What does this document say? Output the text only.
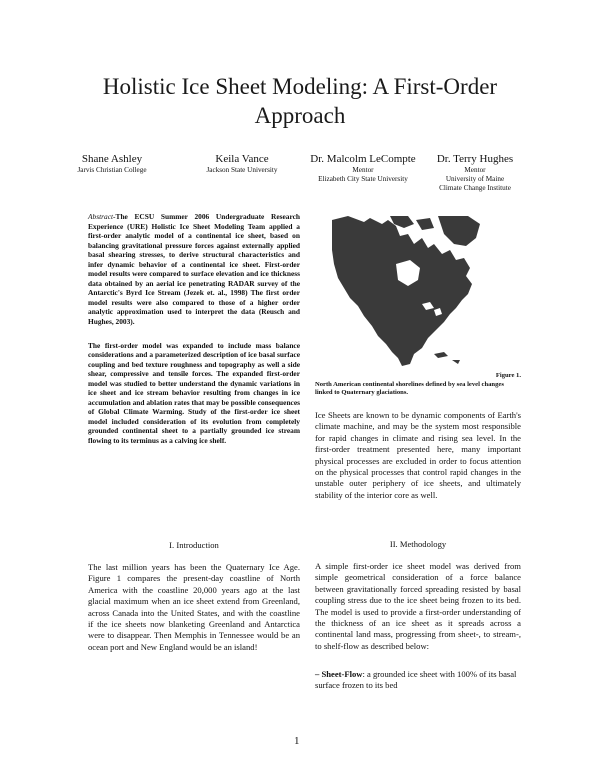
Holistic Ice Sheet Modeling: A First-Order
Approach
Shane Ashley
Jarvis Christian College
Keila Vance
Jackson State University
Dr. Malcolm LeCompte
Mentor
Elizabeth City State University
Dr. Terry Hughes
Mentor
University of Maine
Climate Change Institute

Abstract-The ECSU Summer 2006 Undergraduate Research Experience (URE) Holistic Ice Sheet Modeling Team applied a first-order analytic model of a continental ice sheet, based on balancing gravitational pressure forces against externally applied basal shearing stresses, to derive structural characteristics and infer dynamic behavior of a continental ice sheet. First-order model results were compared to surface elevation and ice thickness data obtained by an aerial ice penetrating RADAR survey of the Antarctic's Byrd Ice Stream (Jezek et. al., 1998) The first order model results were also compared to those of a higher order analytic approximation used to interpret the data (Reusch and Hughes, 2003).

The first-order model was expanded to include mass balance considerations and a parameterized description of ice basal surface coupling and bed texture roughness and topography as well a side shear, compressive and tensile forces. The expanded first-order model was studied to better understand the dynamic variations in ice sheet and ice stream behavior resulting from changes in ice accumulation and ablation rates that may be possible consequences of Global Climate Warming. Study of the first-order ice sheet model included consideration of its evolution from completely grounded continental sheet to a partially grounded ice stream flowing to its terminus as a calving ice shelf.

I. Introduction

The last million years has been the Quaternary Ice Age. Figure 1 compares the present-day coastline of North America with the coastline 20,000 years ago at the last glacial maximum when an ice sheet extend from Greenland, across Canada into the United States, and with the coastline if the ice sheets now blanketing Greenland and Antarctica were to disappear. Then Memphis in Tennessee would be an ocean port and New England would be an island!

Figure 1.
North American continental shorelines defined by sea level changes linked to Quaternary glaciations.

Ice Sheets are known to be dynamic components of Earth's climate machine, and may be the system most responsible for rapid changes in climate and rising sea level. In the first-order treatment presented here, many important physical processes are excluded in order to focus attention on the physical processes that control rapid changes in the unstable outer periphery of ice sheets, and ultimately stability of the interior core as well.

II. Methodology

A simple first-order ice sheet model was derived from simple geometrical consideration of a force balance between gravitationally forced spreading resisted by basal coupling stress due to the ice sheet being frozen to its bed. The model is used to provide a first-order understanding of the thickness of an ice sheet as it spreads across a continental land mass, progressing from sheet-, to stream-, to shelf-flow as described below:

– Sheet-Flow: a grounded ice sheet with 100% of its basal surface frozen to its bed
1
